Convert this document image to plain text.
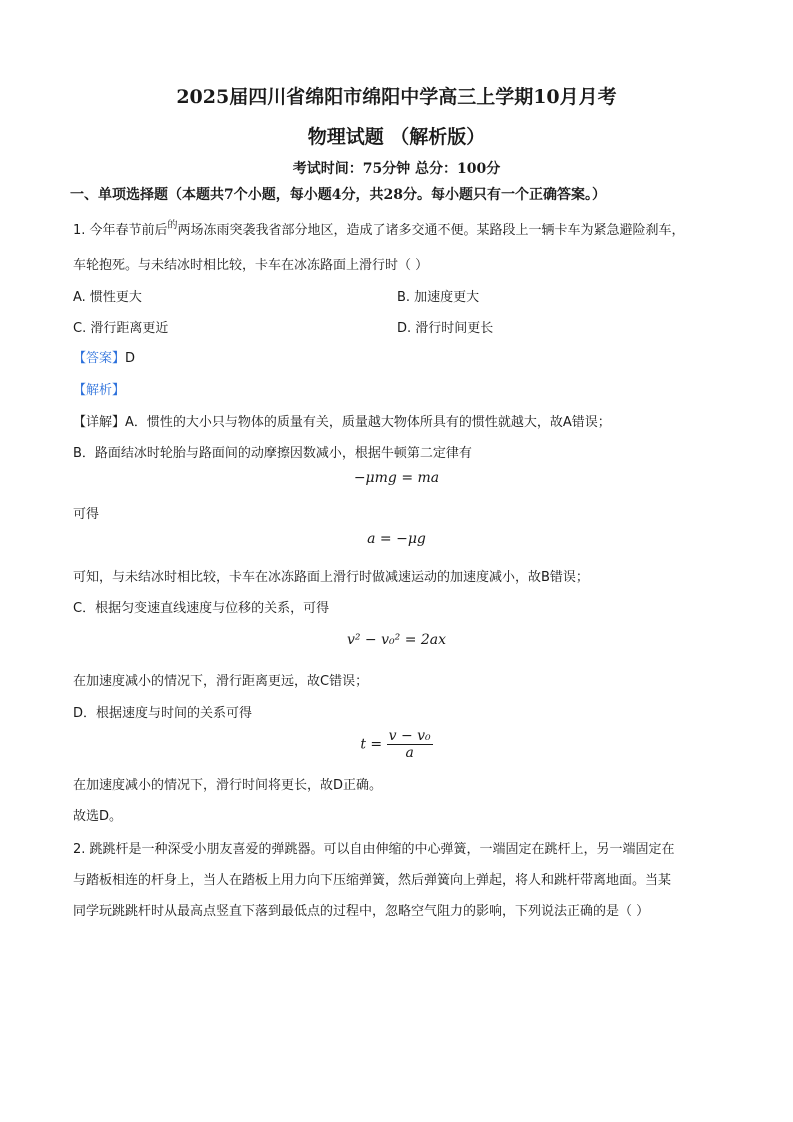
2025届四川省绵阳市绵阳中学高三上学期10月月考
物理试题 （解析版）
考试时间：75分钟 总分：100分
一、单项选择题（本题共7个小题，每小题4分，共28分。每小题只有一个正确答案。）
1. 今年春节前后$^的$两场冻雨突袭我省部分地区，造成了诸多交通不便。某路段上一辆卡车为紧急避险刹车，
车轮抱死。与未结冰时相比较，卡车在冰冻路面上滑行时（ ）
A. 惯性更大	B. 加速度更大
C. 滑行距离更近	D. 滑行时间更长
【答案】D
【解析】
【详解】A．惯性的大小只与物体的质量有关，质量越大物体所具有的惯性就越大，故A错误；
B．路面结冰时轮胎与路面间的动摩擦因数减小，根据牛顿第二定律有
−μmg = ma
可得
a = −μg
可知，与未结冰时相比较，卡车在冰冻路面上滑行时做减速运动的加速度减小，故B错误；
C．根据匀变速直线速度与位移的关系，可得
v² − v₀² = 2ax
在加速度减小的情况下，滑行距离更远，故C错误；
D．根据速度与时间的关系可得
$t = \frac{\text{v − v₀}}{a}$
在加速度减小的情况下，滑行时间将更长，故D正确。
故选D。
2. 跳跳杆是一种深受小朋友喜爱的弹跳器。可以自由伸缩的中心弹簧，一端固定在跳杆上，另一端固定在
与踏板相连的杆身上，当人在踏板上用力向下压缩弹簧，然后弹簧向上弹起，将人和跳杆带离地面。当某
同学玩跳跳杆时从最高点竖直下落到最低点的过程中，忽略空气阻力的影响，下列说法正确的是（ ）
